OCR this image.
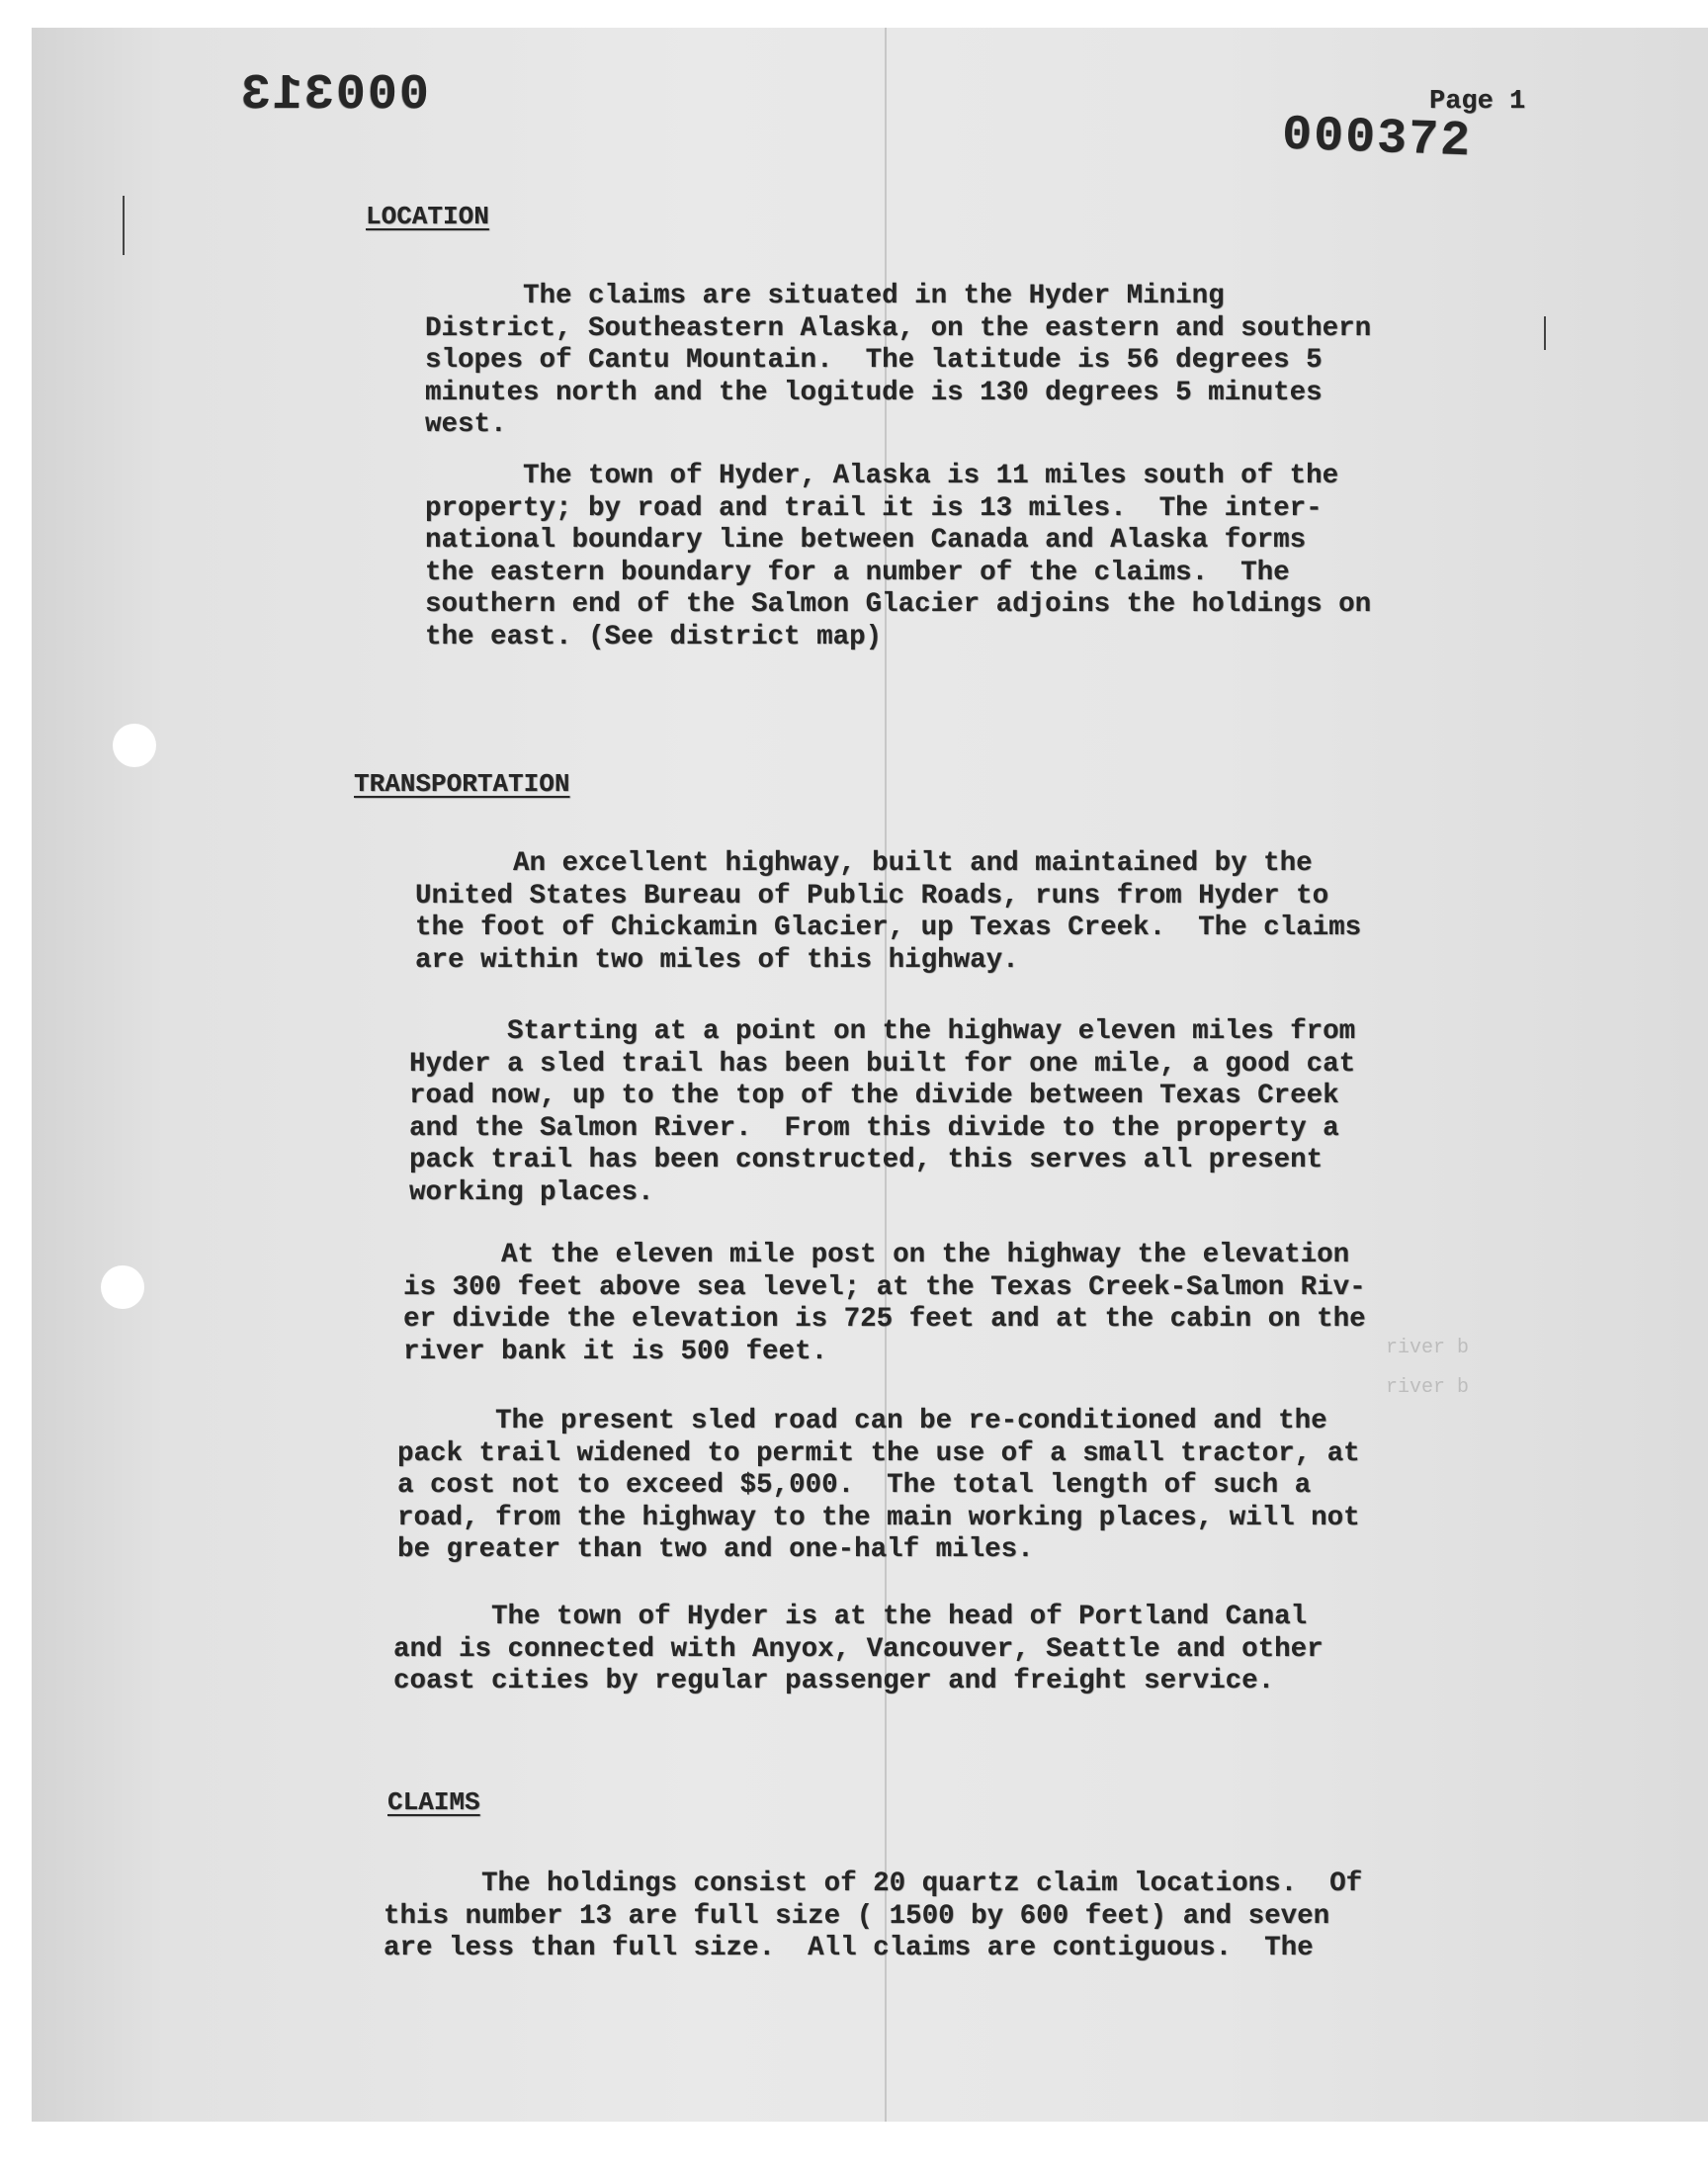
river b
river b
000313	Page 1
000372
LOCATION
The claims are situated in the Hyder Mining
District, Southeastern Alaska, on the eastern and southern
slopes of Cantu Mountain.  The latitude is 56 degrees 5
minutes north and the logitude is 130 degrees 5 minutes
west.
The town of Hyder, Alaska is 11 miles south of the
property; by road and trail it is 13 miles.  The inter-
national boundary line between Canada and Alaska forms
the eastern boundary for a number of the claims.  The
southern end of the Salmon Glacier adjoins the holdings on
the east. (See district map)
TRANSPORTATION
An excellent highway, built and maintained by the
United States Bureau of Public Roads, runs from Hyder to
the foot of Chickamin Glacier, up Texas Creek.  The claims
are within two miles of this highway.
Starting at a point on the highway eleven miles from
Hyder a sled trail has been built for one mile, a good cat
road now, up to the top of the divide between Texas Creek
and the Salmon River.  From this divide to the property a
pack trail has been constructed, this serves all present
working places.
At the eleven mile post on the highway the elevation
is 300 feet above sea level; at the Texas Creek-Salmon Riv-
er divide the elevation is 725 feet and at the cabin on the
river bank it is 500 feet.
The present sled road can be re-conditioned and the
pack trail widened to permit the use of a small tractor, at
a cost not to exceed $5,000.  The total length of such a
road, from the highway to the main working places, will not
be greater than two and one-half miles.
The town of Hyder is at the head of Portland Canal
and is connected with Anyox, Vancouver, Seattle and other
coast cities by regular passenger and freight service.
CLAIMS
The holdings consist of 20 quartz claim locations.  Of
this number 13 are full size ( 1500 by 600 feet) and seven
are less than full size.  All claims are contiguous.  The
